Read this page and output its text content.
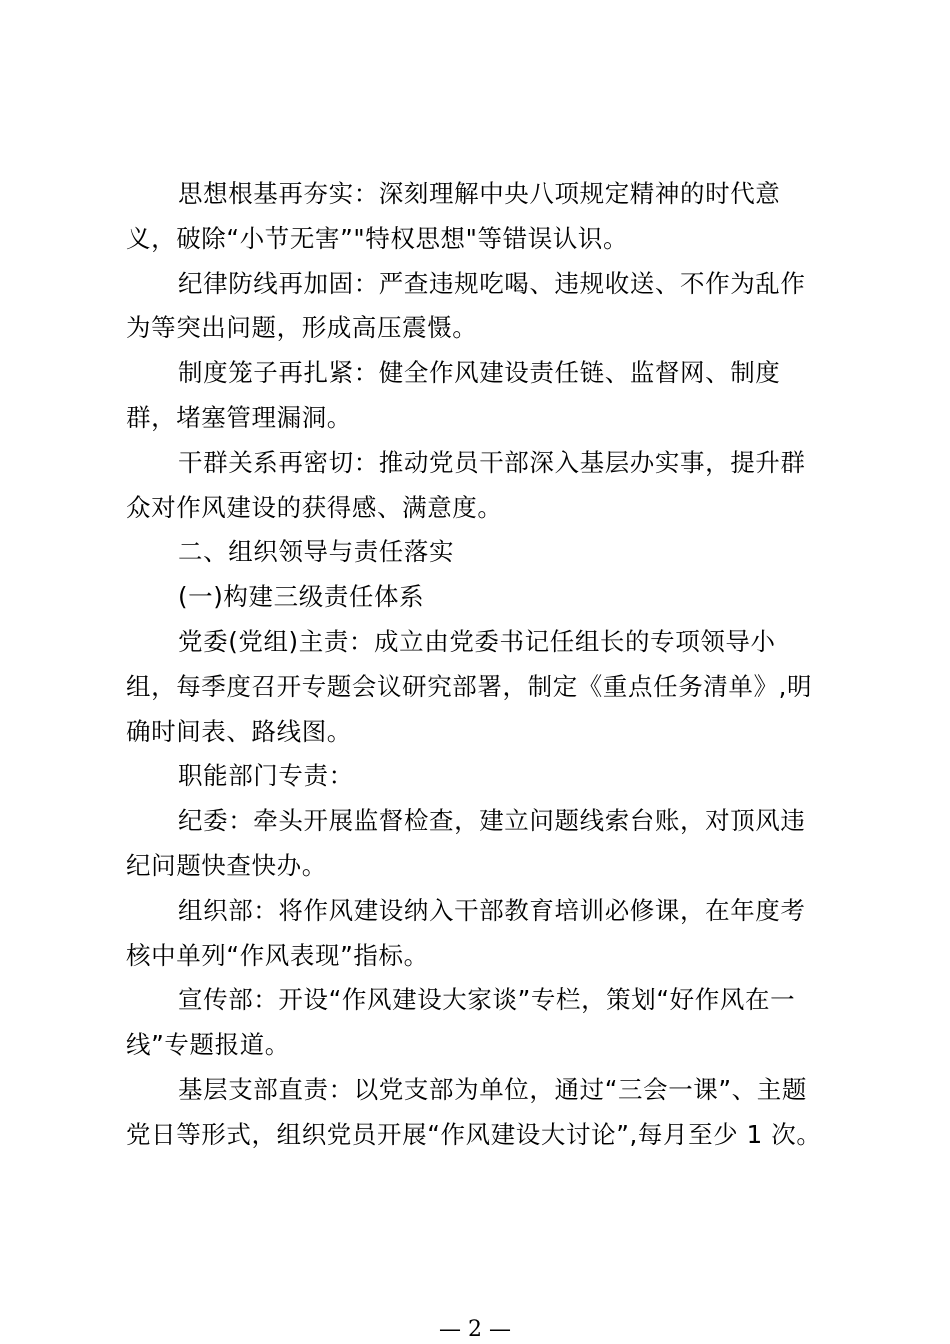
思想根基再夯实：深刻理解中央八项规定精神的时代意
义，破除“小节无害”"特权思想"等错误认识。
纪律防线再加固：严查违规吃喝、违规收送、不作为乱作
为等突出问题，形成高压震慑。
制度笼子再扎紧：健全作风建设责任链、监督网、制度
群，堵塞管理漏洞。
干群关系再密切：推动党员干部深入基层办实事，提升群
众对作风建设的获得感、满意度。
二、组织领导与责任落实
(一)构建三级责任体系
党委(党组)主责：成立由党委书记任组长的专项领导小
组，每季度召开专题会议研究部署，制定《重点任务清单》,明
确时间表、路线图。
职能部门专责：
纪委：牵头开展监督检查，建立问题线索台账，对顶风违
纪问题快查快办。
组织部：将作风建设纳入干部教育培训必修课，在年度考
核中单列“作风表现”指标。
宣传部：开设“作风建设大家谈”专栏，策划“好作风在一
线”专题报道。
基层支部直责：以党支部为单位，通过“三会一课”、主题
党日等形式，组织党员开展“作风建设大讨论”,每月至少 1 次。
— 2 —
